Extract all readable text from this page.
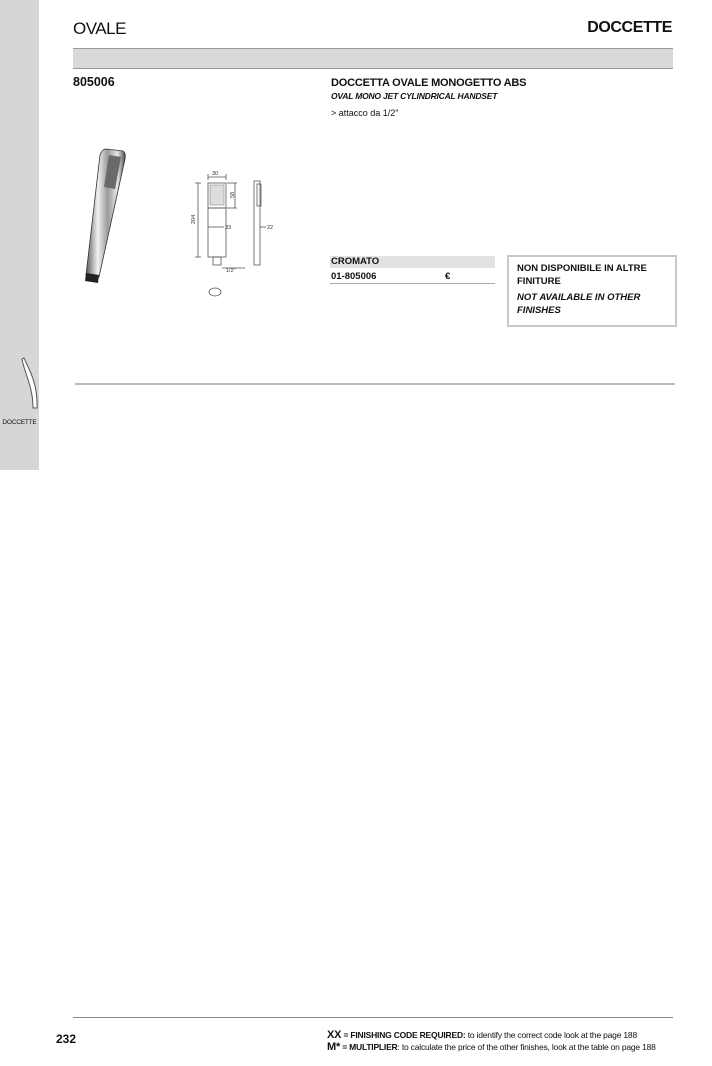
DOCCETTE
OVALE	DOCCETTE
805006
30
58
204
33	22
1/2"
DOCCETTA OVALE MONOGETTO ABS
OVAL MONO JET CYLINDRICAL HANDSET
> attacco da 1/2"
CROMATO
01-805006	€
NON DISPONIBILE IN ALTRE FINITURE
NOT AVAILABLE IN OTHER FINISHES
232	XX = FINISHING CODE REQUIRED: to identify the correct code look at the page 188
M* = MULTIPLIER: to calculate the price of the other finishes, look at the table on page 188
